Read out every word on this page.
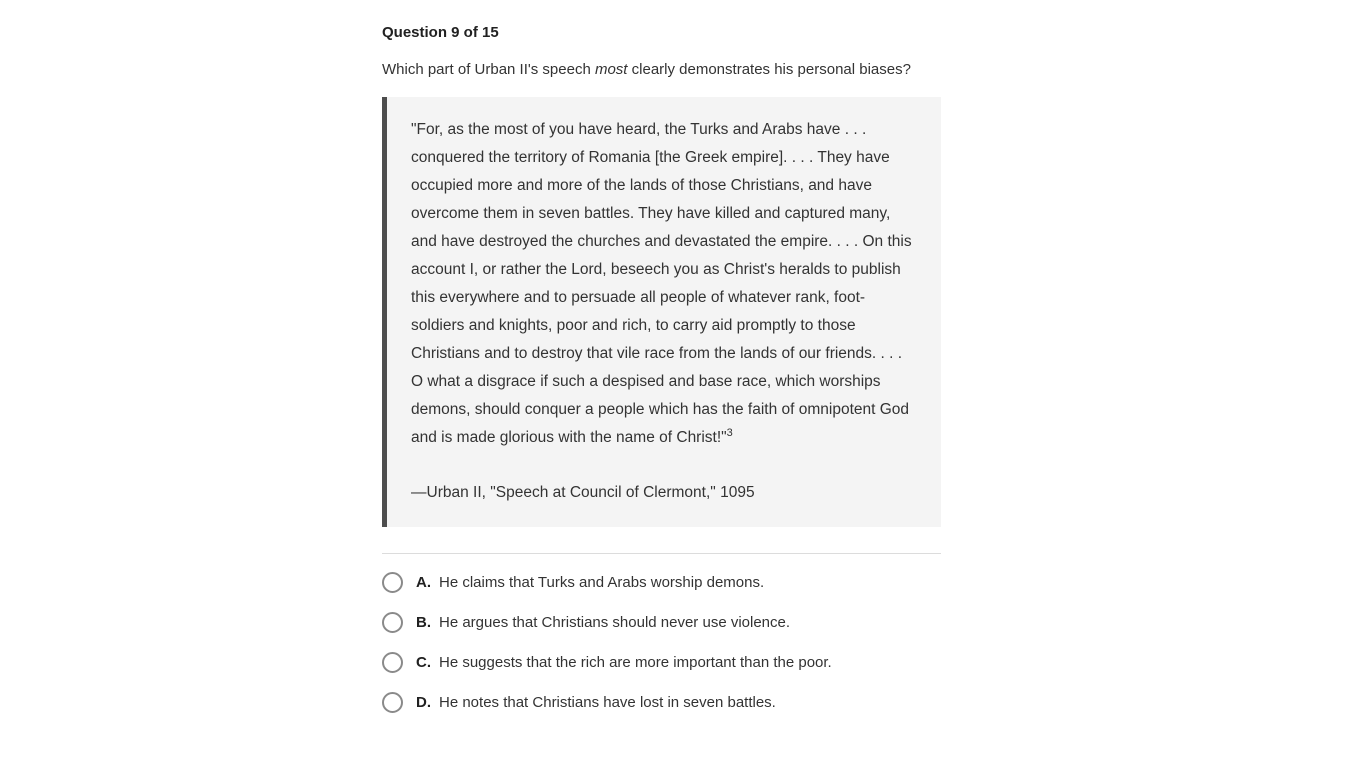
Question 9 of 15
Which part of Urban II's speech most clearly demonstrates his personal biases?
"For, as the most of you have heard, the Turks and Arabs have . . . conquered the territory of Romania [the Greek empire]. . . . They have occupied more and more of the lands of those Christians, and have overcome them in seven battles. They have killed and captured many, and have destroyed the churches and devastated the empire. . . . On this account I, or rather the Lord, beseech you as Christ's heralds to publish this everywhere and to persuade all people of whatever rank, foot-soldiers and knights, poor and rich, to carry aid promptly to those Christians and to destroy that vile race from the lands of our friends. . . . O what a disgrace if such a despised and base race, which worships demons, should conquer a people which has the faith of omnipotent God and is made glorious with the name of Christ!"$^3$
—Urban II, "Speech at Council of Clermont," 1095
A. He claims that Turks and Arabs worship demons.
B. He argues that Christians should never use violence.
C. He suggests that the rich are more important than the poor.
D. He notes that Christians have lost in seven battles.
